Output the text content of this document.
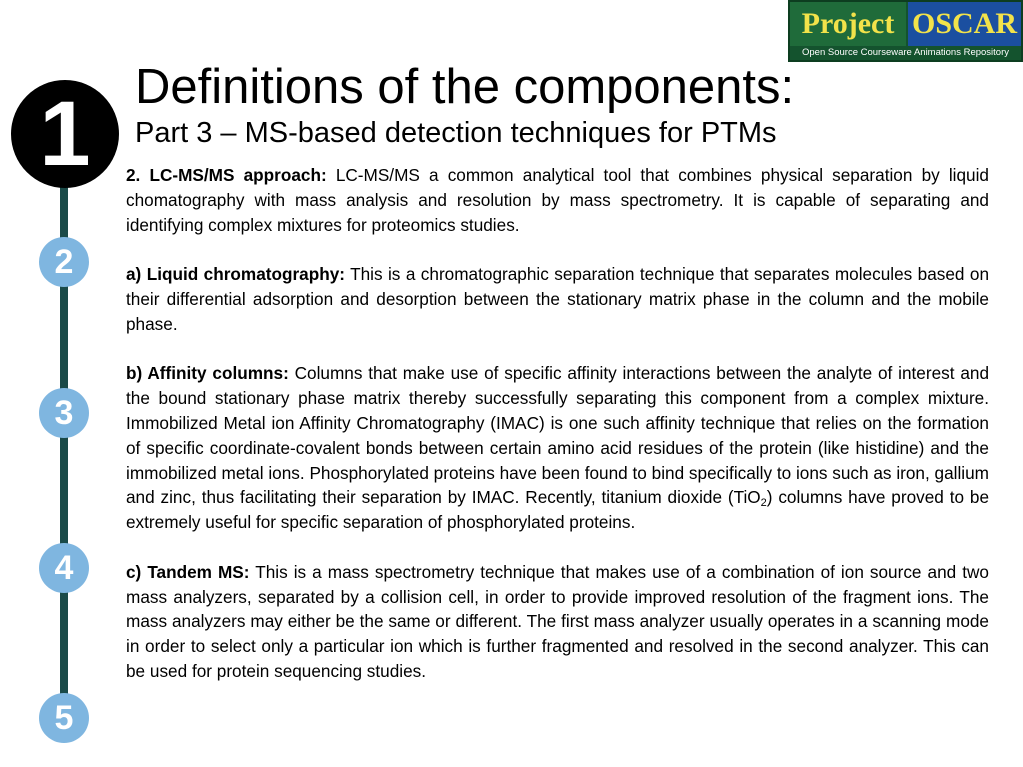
Project OSCAR
Open Source Courseware Animations Repository
1
2
3
4
5
Definitions of the components:
Part 3 – MS-based detection techniques for PTMs

2. LC-MS/MS approach: LC-MS/MS a common analytical tool that combines physical separation by liquid chomatography with mass analysis and resolution by mass spectrometry. It is capable of separating and identifying complex mixtures for proteomics studies.

a) Liquid chromatography: This is a chromatographic separation technique that separates molecules based on their differential adsorption and desorption between the stationary matrix phase in the column and the mobile phase.

b) Affinity columns: Columns that make use of specific affinity interactions between the analyte of interest and the bound stationary phase matrix thereby successfully separating this component from a complex mixture. Immobilized Metal ion Affinity Chromatography (IMAC) is one such affinity technique that relies on the formation of specific coordinate-covalent bonds between certain amino acid residues of the protein (like histidine) and the immobilized metal ions. Phosphorylated proteins have been found to bind specifically to ions such as iron, gallium and zinc, thus facilitating their separation by IMAC. Recently, titanium dioxide (TiO$_2$) columns have proved to be extremely useful for specific separation of phosphorylated proteins.

c) Tandem MS: This is a mass spectrometry technique that makes use of a combination of ion source and two mass analyzers, separated by a collision cell, in order to provide improved resolution of the fragment ions. The mass analyzers may either be the same or different. The first mass analyzer usually operates in a scanning mode in order to select only a particular ion which is further fragmented and resolved in the second analyzer. This can be used for protein sequencing studies.
